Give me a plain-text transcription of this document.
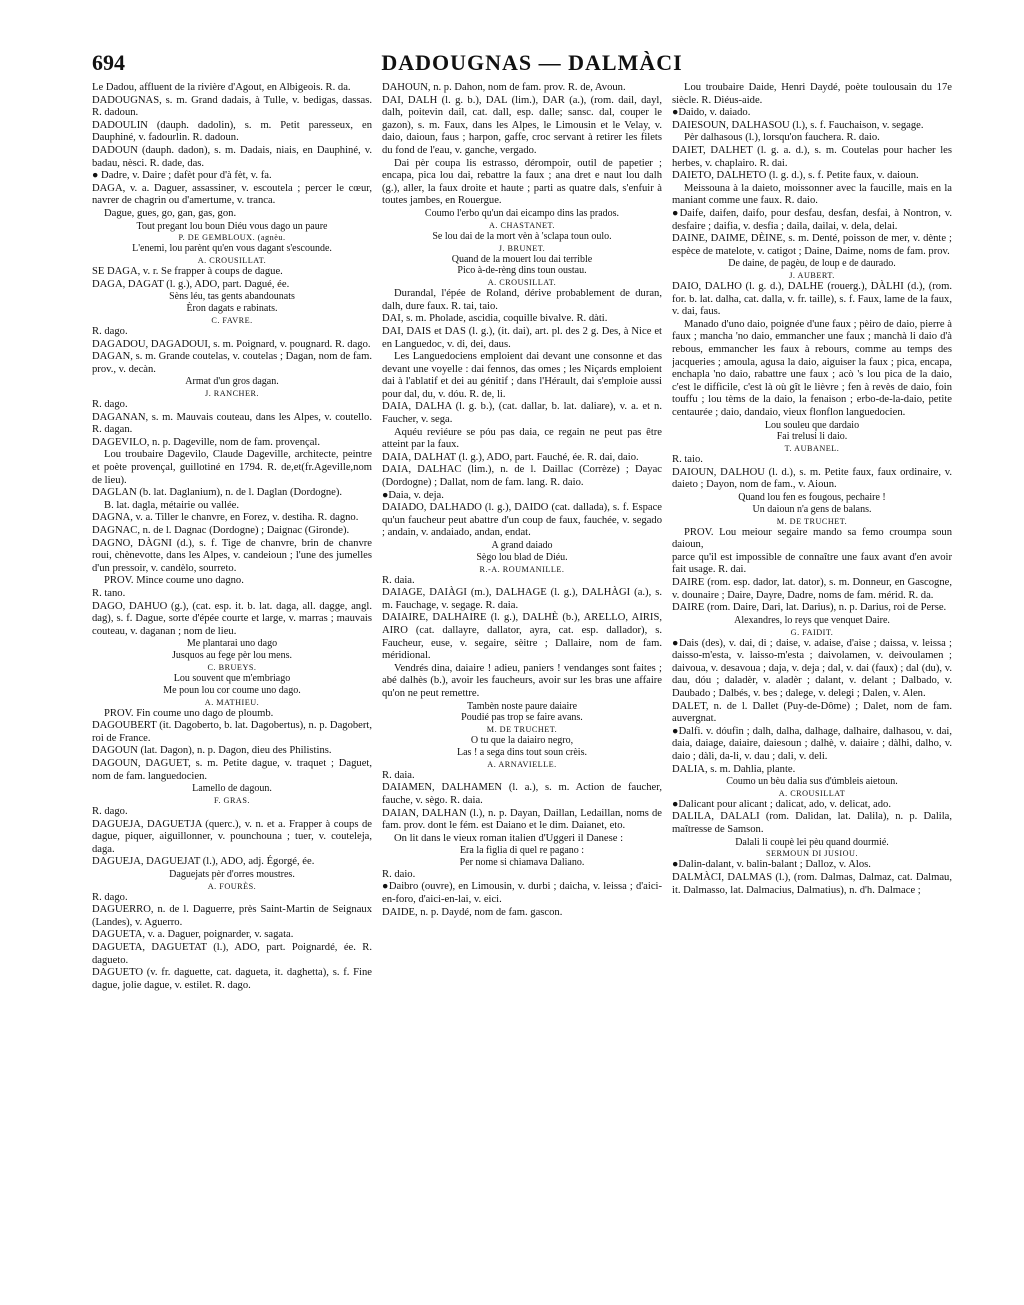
694	DADOUGNAS — DALMÀCI

Le Dadou, affluent de la rivière d'Agout, en Albigeois. R. da.

DADOUGNAS, s. m. Grand dadais, à Tulle, v. bedigas, dassas. R. dadoun.

DADOULIN (dauph. dadolin), s. m. Petit paresseux, en Dauphiné, v. fadourlin. R. dadoun.

DADOUN (dauph. dadon), s. m. Dadais, niais, en Dauphiné, v. badau, nèsci. R. dade, das.

● Dadre, v. Daire ; dafèt pour d'à fèt, v. fa.

DAGA, v. a. Daguer, assassiner, v. escoutela ; percer le cœur, navrer de chagrin ou d'amertume, v. tranca.

Dague, gues, go, gan, gas, gon.

Tout pregant lou boun Diéu vous dago un paure

P. DE GEMBLOUX. (agnèu.

L'enemi, lou parènt qu'en vous dagant s'escounde.

A. CROUSILLAT.

SE DAGA, v. r. Se frapper à coups de dague.

DAGA, DAGAT (l. g.), ADO, part. Dagué, ée.

Sèns léu, tas gents abandounats

Èron dagats e rabinats.

C. FAVRE.

R. dago.

DAGADOU, DAGADOUI, s. m. Poignard, v. pougnard. R. dago.

DAGAN, s. m. Grande coutelas, v. coutelas ; Dagan, nom de fam. prov., v. decàn.

Armat d'un gros dagan.

J. RANCHER.

R. dago.

DAGANAN, s. m. Mauvais couteau, dans les Alpes, v. coutello. R. dagan.

DAGEVILO, n. p. Dageville, nom de fam. provençal.

Lou troubaire Dagevilo, Claude Dageville, architecte, peintre et poète provençal, guillotiné en 1794. R. de,et(fr.Ageville,nom de lieu).

DAGLAN (b. lat. Daglanium), n. de l. Daglan (Dordogne).

B. lat. dagla, métairie ou vallée.

DAGNA, v. a. Tiller le chanvre, en Forez, v. destiha. R. dagno.

DAGNAC, n. de l. Dagnac (Dordogne) ; Daignac (Gironde).

DAGNO, DÀGNI (d.), s. f. Tige de chanvre, brin de chanvre roui, chènevotte, dans les Alpes, v. candeioun ; l'une des jumelles d'un pressoir, v. candèlo, sourreto.

PROV. Mince coume uno dagno.

R. tano.

DAGO, DAHUO (g.), (cat. esp. it. b. lat. daga, all. dagge, angl. dag), s. f. Dague, sorte d'épée courte et large, v. marras ; mauvais couteau, v. daganan ; nom de lieu.

Me plantarai uno dago

Jusquos au fege pèr lou mens.

C. BRUEYS.

Lou souvent que m'embriago

Me poun lou cor coume uno dago.

A. MATHIEU.

PROV. Fin coume uno dago de ploumb.

DAGOUBERT (it. Dagoberto, b. lat. Dagobertus), n. p. Dagobert, roi de France.

DAGOUN (lat. Dagon), n. p. Dagon, dieu des Philistins.

DAGOUN, DAGUET, s. m. Petite dague, v. traquet ; Daguet, nom de fam. languedocien.

Lamello de dagoun.

F. GRAS.

R. dago.

DAGUEJA, DAGUETJA (querc.), v. n. et a. Frapper à coups de dague, piquer, aiguillonner, v. pounchouna ; tuer, v. couteleja, daga.

DAGUEJA, DAGUEJAT (l.), ADO, adj. Égorgé, ée.

Daguejats pèr d'orres moustres.

A. FOURÈS.

R. dago.

DAGUERRO, n. de l. Daguerre, près Saint-Martin de Seignaux (Landes), v. Aguerro.

DAGUETA, v. a. Daguer, poignarder, v. sagata.

DAGUETA, DAGUETAT (l.), ADO, part. Poignardé, ée. R. dagueto.

DAGUETO (v. fr. daguette, cat. dagueta, it. daghetta), s. f. Fine dague, jolie dague, v. estilet. R. dago.

DAHOUN, n. p. Dahon, nom de fam. prov. R. de, Avoun.

DAI, DALH (l. g. b.), DAL (lim.), DAR (a.), (rom. dail, dayl, dalh, poitevin dail, cat. dall, esp. dalle; sansc. dal, couper le gazon), s. m. Faux, dans les Alpes, le Limousin et le Velay, v. daio, daioun, faus ; harpon, gaffe, croc servant à retirer les filets du fond de l'eau, v. ganche, vergado.

Dai pèr coupa lis estrasso, dérompoir, outil de papetier ; encapa, pica lou dai, rebattre la faux ; ana dret e naut lou dalh (g.), aller, la faux droite et haute ; parti as quatre dals, s'enfuir à toutes jambes, en Rouergue.

Coumo l'erbo qu'un dai eicampo dins las prados.

A. CHASTANET.

Se lou dai de la mort vèn à 'sclapa toun oulo.

J. BRUNET.

Quand de la mouert lou dai terrible

Pico à-de-rèng dins toun oustau.

A. CROUSILLAT.

Durandal, l'épée de Roland, dérive probablement de duran, dalh, dure faux. R. tai, taio.

DAI, s. m. Pholade, ascidia, coquille bivalve. R. dàti.

DAI, DAIS et DAS (l. g.), (it. dai), art. pl. des 2 g. Des, à Nice et en Languedoc, v. di, dei, daus.

Les Languedociens emploient dai devant une consonne et das devant une voyelle : dai fennos, das omes ; les Niçards emploient dai à l'ablatif et dei au génitif ; dans l'Hérault, dai s'emploie aussi pour dal, du, v. dóu. R. de, li.

DAIA, DALHA (l. g. b.), (cat. dallar, b. lat. daliare), v. a. et n. Faucher, v. sega.

Aquéu reviéure se póu pas daia, ce regain ne peut pas être atteint par la faux.

DAIA, DALHAT (l. g.), ADO, part. Fauché, ée. R. dai, daio.

DAIA, DALHAC (lim.), n. de l. Daillac (Corrèze) ; Dayac (Dordogne) ; Dallat, nom de fam. lang. R. daio.

●Daia, v. deja.

DAIADO, DALHADO (l. g.), DAIDO (cat. dallada), s. f. Espace qu'un faucheur peut abattre d'un coup de faux, fauchée, v. segado ; andain, v. andaiado, andan, endat.

A grand daiado

Sègo lou blad de Diéu.

R.-A. ROUMANILLE.

R. daia.

DAIAGE, DAIÀGI (m.), DALHAGE (l. g.), DALHÀGI (a.), s. m. Fauchage, v. segage. R. daia.

DAIAIRE, DALHAIRE (l. g.), DALHÈ (b.), ARELLO, AIRIS, AIRO (cat. dallayre, dallator, ayra, cat. esp. dallador), s. Faucheur, euse, v. segaire, sèitre ; Dallaire, nom de fam. méridional.

Vendrés dina, daiaire ! adieu, paniers ! vendanges sont faites ; abé dalhès (b.), avoir les faucheurs, avoir sur les bras une affaire qu'on ne peut remettre.

Tambèn noste paure daiaire

Poudié pas trop se faire avans.

M. DE TRUCHET.

O tu que la daiairo negro,

Las ! a sega dins tout soun crèis.

A. ARNAVIELLE.

R. daia.

DAIAMEN, DALHAMEN (l. a.), s. m. Action de faucher, fauche, v. sègo. R. daia.

DAIAN, DALHAN (l.), n. p. Dayan, Daillan, Ledaillan, noms de fam. prov. dont le fém. est Daiano et le dim. Daianet, eto.

On lit dans le vieux roman italien d'Uggeri il Danese :

Era la figlia di quel re pagano :

Per nome si chiamava Daliano.

R. daio.

●Daibro (ouvre), en Limousin, v. durbi ; daicha, v. leissa ; d'aici-en-foro, d'aici-en-lai, v. eici.

DAIDE, n. p. Daydé, nom de fam. gascon.

Lou troubaire Daide, Henri Daydé, poète toulousain du 17e siècle. R. Diéus-aide.

●Daido, v. daiado.

DAIESOUN, DALHASOU (l.), s. f. Fauchaison, v. segage.

Pèr dalhasous (l.), lorsqu'on fauchera. R. daio.

DAIET, DALHET (l. g. a. d.), s. m. Coutelas pour hacher les herbes, v. chaplairo. R. dai.

DAIETO, DALHETO (l. g. d.), s. f. Petite faux, v. daioun.

Meissouna à la daieto, moissonner avec la faucille, mais en la maniant comme une faux. R. daio.

●Daife, daifen, daifo, pour desfau, desfan, desfai, à Nontron, v. desfaire ; daifia, v. desfia ; daila, dailai, v. dela, delai.

DAINE, DAIME, DÈINE, s. m. Denté, poisson de mer, v. dènte ; espèce de matelote, v. catigot ; Daine, Daime, noms de fam. prov.

De daine, de pagèu, de loup e de daurado.

J. AUBERT.

DAIO, DALHO (l. g. d.), DALHE (rouerg.), DÀLHI (d.), (rom. for. b. lat. dalha, cat. dalla, v. fr. taille), s. f. Faux, lame de la faux, v. dai, faus.

Manado d'uno daio, poignée d'une faux ; pèiro de daio, pierre à faux ; mancha 'no daio, emmancher une faux ; manchà li daio d'à rebous, emmancher les faux à rebours, comme au temps des jacqueries ; amoula, agusa la daio, aiguiser la faux ; pica, encapa, enchapla 'no daio, rabattre une faux ; acò 's lou pica de la daio, c'est le difficile, c'est là où gît le lièvre ; fen à revès de daio, foin touffu ; lou tèms de la daio, la fenaison ; erbo-de-la-daio, petite centaurée ; daio, dandaio, vieux flonflon languedocien.

Lou souleu que dardaio

Fai trelusi li daio.

T. AUBANEL.

R. taio.

DAIOUN, DALHOU (l. d.), s. m. Petite faux, faux ordinaire, v. daieto ; Dayon, nom de fam., v. Aioun.

Quand lou fen es fougous, pechaire !

Un daioun n'a gens de balans.

M. DE TRUCHET.

PROV. Lou meiour segaire mando sa femo croumpa soun daioun,

parce qu'il est impossible de connaître une faux avant d'en avoir fait usage. R. dai.

DAIRE (rom. esp. dador, lat. dator), s. m. Donneur, en Gascogne, v. dounaire ; Daire, Dayre, Dadre, noms de fam. mérid. R. da.

DAIRE (rom. Daire, Dari, lat. Darius), n. p. Darius, roi de Perse.

Alexandres, lo reys que venquet Daire.

G. FAIDIT.

●Dais (des), v. dai, di ; daise, v. adaise, d'aise ; daissa, v. leissa ; daisso-m'esta, v. laisso-m'esta ; daivolamen, v. deivoulamen ; daivoua, v. desavoua ; daja, v. deja ; dal, v. dai (faux) ; dal (du), v. dau, dóu ; daladèr, v. aladèr ; dalant, v. delant ; Dalbado, v. Daubado ; Dalbés, v. bes ; dalege, v. delegi ; Dalen, v. Alen.

DALET, n. de l. Dallet (Puy-de-Dôme) ; Dalet, nom de fam. auvergnat.

●Dalfi. v. dóufin ; dalh, dalha, dalhage, dalhaire, dalhasou, v. dai, daia, daiage, daiaire, daiesoun ; dalhè, v. daiaire ; dàlhi, dalho, v. daio ; dàli, da-li, v. dau ; dali, v. deli.

DALIA, s. m. Dahlia, plante.

Coumo un bèu dalia sus d'úmbleis aietoun.

A. CROUSILLAT

●Dalicant pour alicant ; dalicat, ado, v. delicat, ado.

DALILA, DALALI (rom. Dalidan, lat. Dalila), n. p. Dalila, maîtresse de Samson.

Dalali li coupè lei pèu quand dourmié.

SERMOUN DI JUSIOU.

●Dalin-dalant, v. balin-balant ; Dalloz, v. Alos.

DALMÀCI, DALMAS (l.), (rom. Dalmas, Dalmaz, cat. Dalmau, it. Dalmasso, lat. Dalmacius, Dalmatius), n. d'h. Dalmace ;
